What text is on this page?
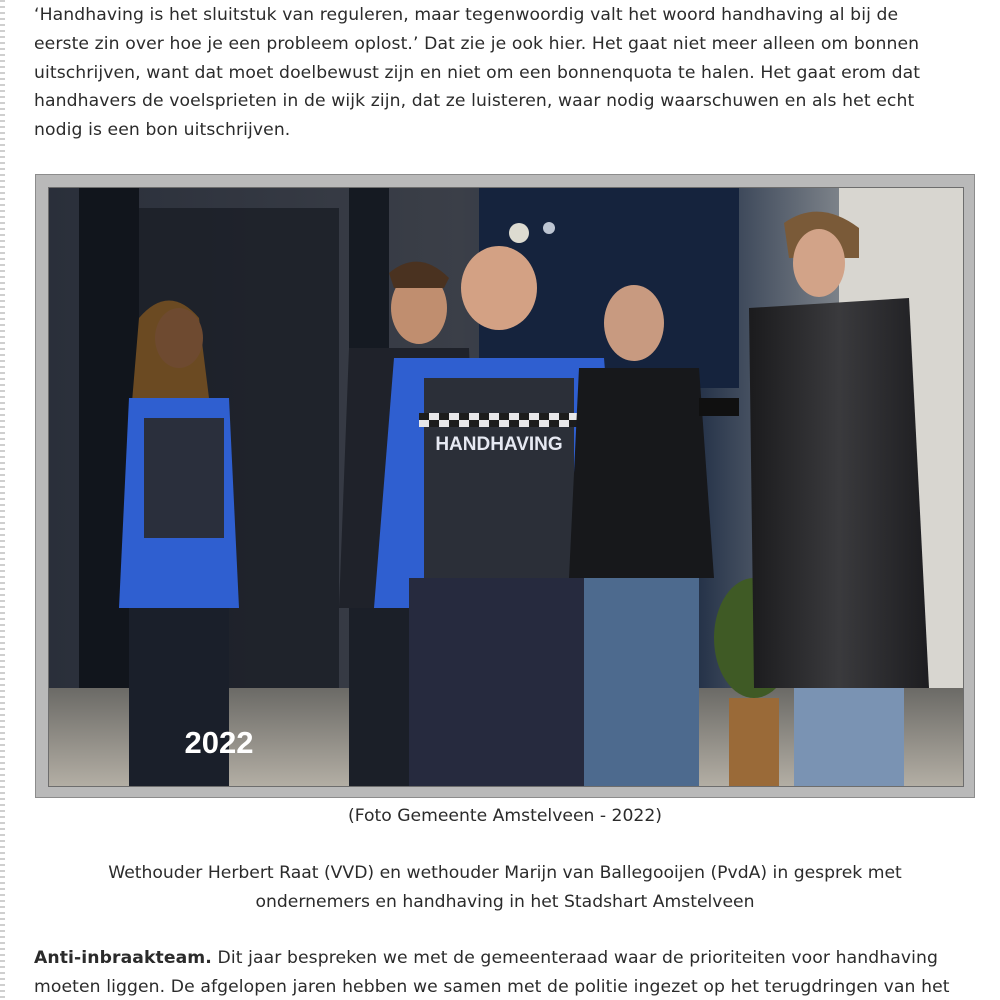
‘Handhaving is het sluitstuk van reguleren, maar tegenwoordig valt het woord handhaving al bij de
eerste zin over hoe je een probleem oplost.’ Dat zie je ook hier. Het gaat niet meer alleen om bonnen
uitschrijven, want dat moet doelbewust zijn en niet om een bonnenquota te halen. Het gaat erom dat
handhavers de voelsprieten in de wijk zijn, dat ze luisteren, waar nodig waarschuwen en als het echt
nodig is een bon uitschrijven.
HANDHAVING
2022
(Foto Gemeente Amstelveen - 2022)
Wethouder Herbert Raat (VVD) en wethouder Marijn van Ballegooijen (PvdA) in gesprek met
ondernemers en handhaving in het Stadshart Amstelveen
Anti-inbraakteam. Dit jaar bespreken we met de gemeenteraad waar de prioriteiten voor handhaving
moeten liggen. De afgelopen jaren hebben we samen met de politie ingezet op het terugdringen van het
